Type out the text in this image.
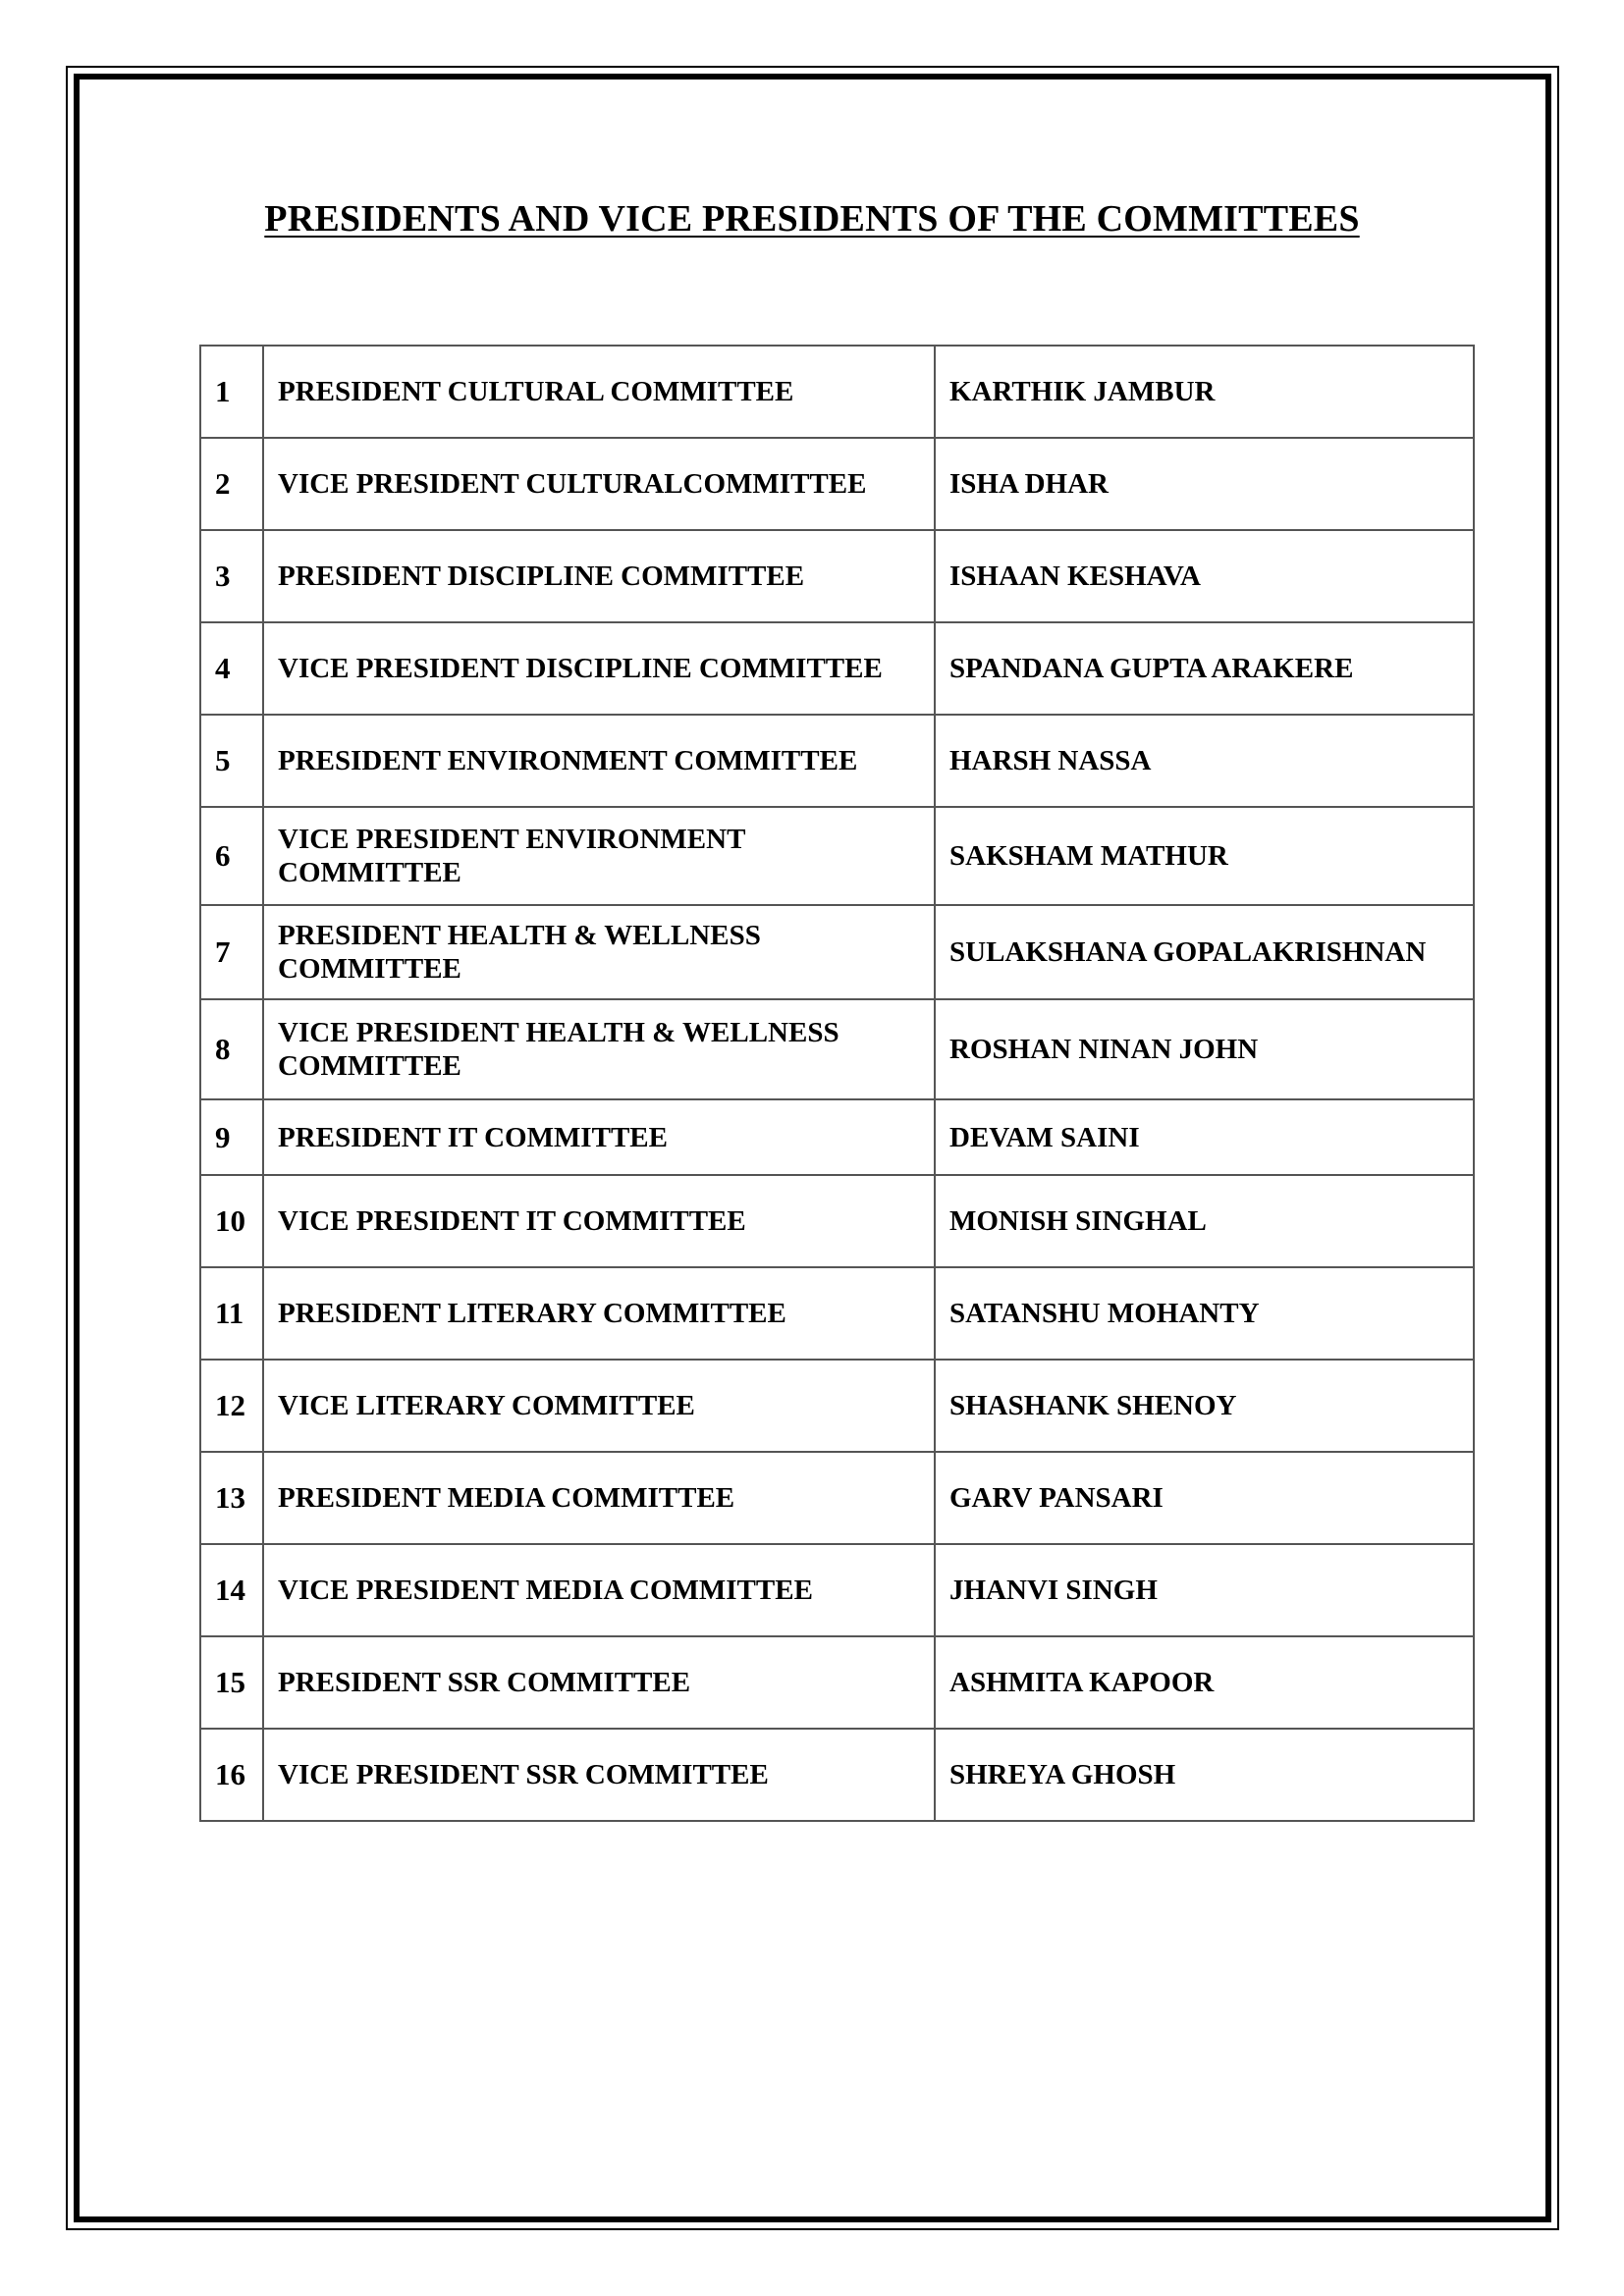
PRESIDENTS AND VICE PRESIDENTS OF THE COMMITTEES
1	PRESIDENT CULTURAL COMMITTEE	KARTHIK JAMBUR
2	VICE PRESIDENT CULTURALCOMMITTEE	ISHA DHAR
3	PRESIDENT DISCIPLINE COMMITTEE	ISHAAN KESHAVA
4	VICE PRESIDENT DISCIPLINE COMMITTEE	SPANDANA GUPTA ARAKERE
5	PRESIDENT ENVIRONMENT COMMITTEE	HARSH NASSA
6	VICE PRESIDENT ENVIRONMENT COMMITTEE	SAKSHAM MATHUR
7	PRESIDENT HEALTH & WELLNESS COMMITTEE	SULAKSHANA GOPALAKRISHNAN
8	VICE PRESIDENT HEALTH & WELLNESS COMMITTEE	ROSHAN NINAN JOHN
9	PRESIDENT IT COMMITTEE	DEVAM SAINI
10	VICE PRESIDENT IT COMMITTEE	MONISH SINGHAL
11	PRESIDENT LITERARY COMMITTEE	SATANSHU MOHANTY
12	VICE LITERARY COMMITTEE	SHASHANK SHENOY
13	PRESIDENT MEDIA COMMITTEE	GARV PANSARI
14	VICE PRESIDENT MEDIA COMMITTEE	JHANVI SINGH
15	PRESIDENT SSR COMMITTEE	ASHMITA KAPOOR
16	VICE PRESIDENT SSR COMMITTEE	SHREYA GHOSH
